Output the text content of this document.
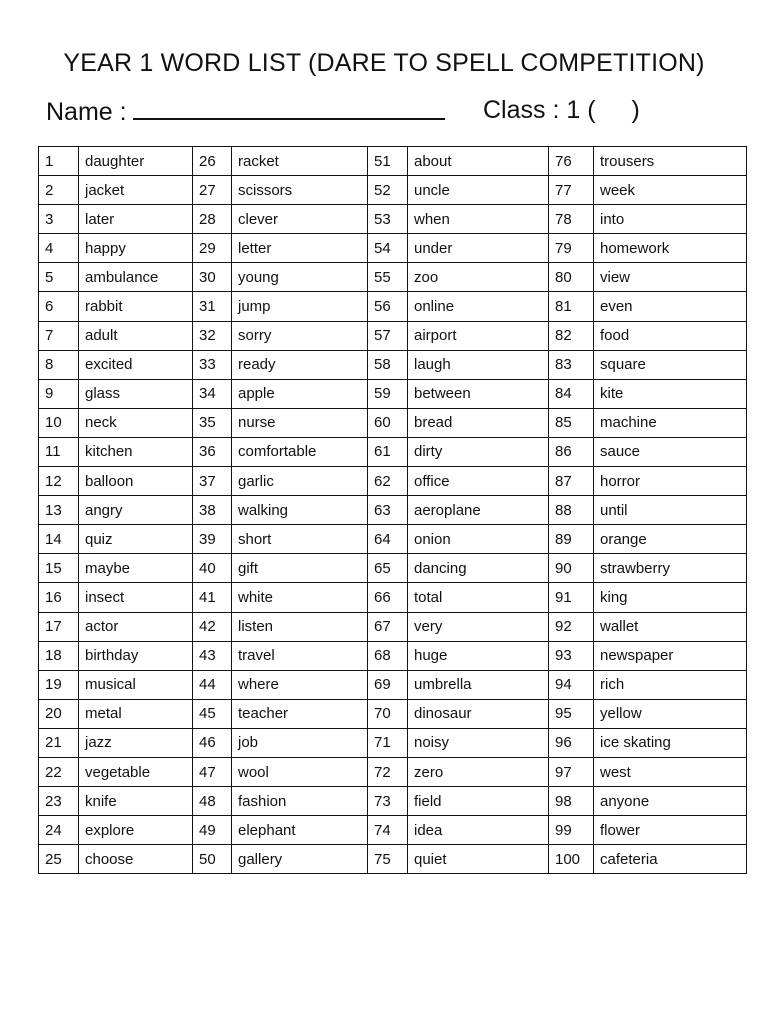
YEAR 1 WORD LIST (DARE TO SPELL COMPETITION)
Name :	Class : 1 ( )
1	daughter	26	racket	51	about	76	trousers
2	jacket	27	scissors	52	uncle	77	week
3	later	28	clever	53	when	78	into
4	happy	29	letter	54	under	79	homework
5	ambulance	30	young	55	zoo	80	view
6	rabbit	31	jump	56	online	81	even
7	adult	32	sorry	57	airport	82	food
8	excited	33	ready	58	laugh	83	square
9	glass	34	apple	59	between	84	kite
10	neck	35	nurse	60	bread	85	machine
11	kitchen	36	comfortable	61	dirty	86	sauce
12	balloon	37	garlic	62	office	87	horror
13	angry	38	walking	63	aeroplane	88	until
14	quiz	39	short	64	onion	89	orange
15	maybe	40	gift	65	dancing	90	strawberry
16	insect	41	white	66	total	91	king
17	actor	42	listen	67	very	92	wallet
18	birthday	43	travel	68	huge	93	newspaper
19	musical	44	where	69	umbrella	94	rich
20	metal	45	teacher	70	dinosaur	95	yellow
21	jazz	46	job	71	noisy	96	ice skating
22	vegetable	47	wool	72	zero	97	west
23	knife	48	fashion	73	field	98	anyone
24	explore	49	elephant	74	idea	99	flower
25	choose	50	gallery	75	quiet	100	cafeteria
